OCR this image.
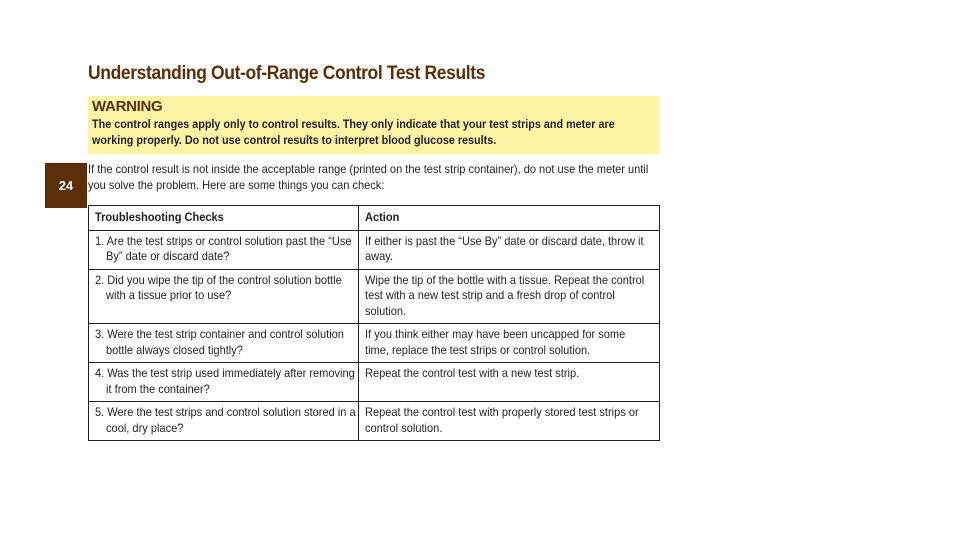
Understanding Out-of-Range Control Test Results
WARNING
The control ranges apply only to control results. They only indicate that your test strips and meter are working properly. Do not use control results to interpret blood glucose results.
24
If the control result is not inside the acceptable range (printed on the test strip container), do not use the meter until you solve the problem. Here are some things you can check:
Troubleshooting Checks	Action

1. Are the test strips or control solution past the “Use By” date or discard date?	If either is past the “Use By” date or discard date, throw it away.

2. Did you wipe the tip of the control solution bottle with a tissue prior to use?	Wipe the tip of the bottle with a tissue. Repeat the control test with a new test strip and a fresh drop of control solution.

3. Were the test strip container and control solution bottle always closed tightly?	If you think either may have been uncapped for some time, replace the test strips or control solution.

4. Was the test strip used immediately after removing it from the container?	Repeat the control test with a new test strip.

5. Were the test strips and control solution stored in a cool, dry place?	Repeat the control test with properly stored test strips or control solution.
